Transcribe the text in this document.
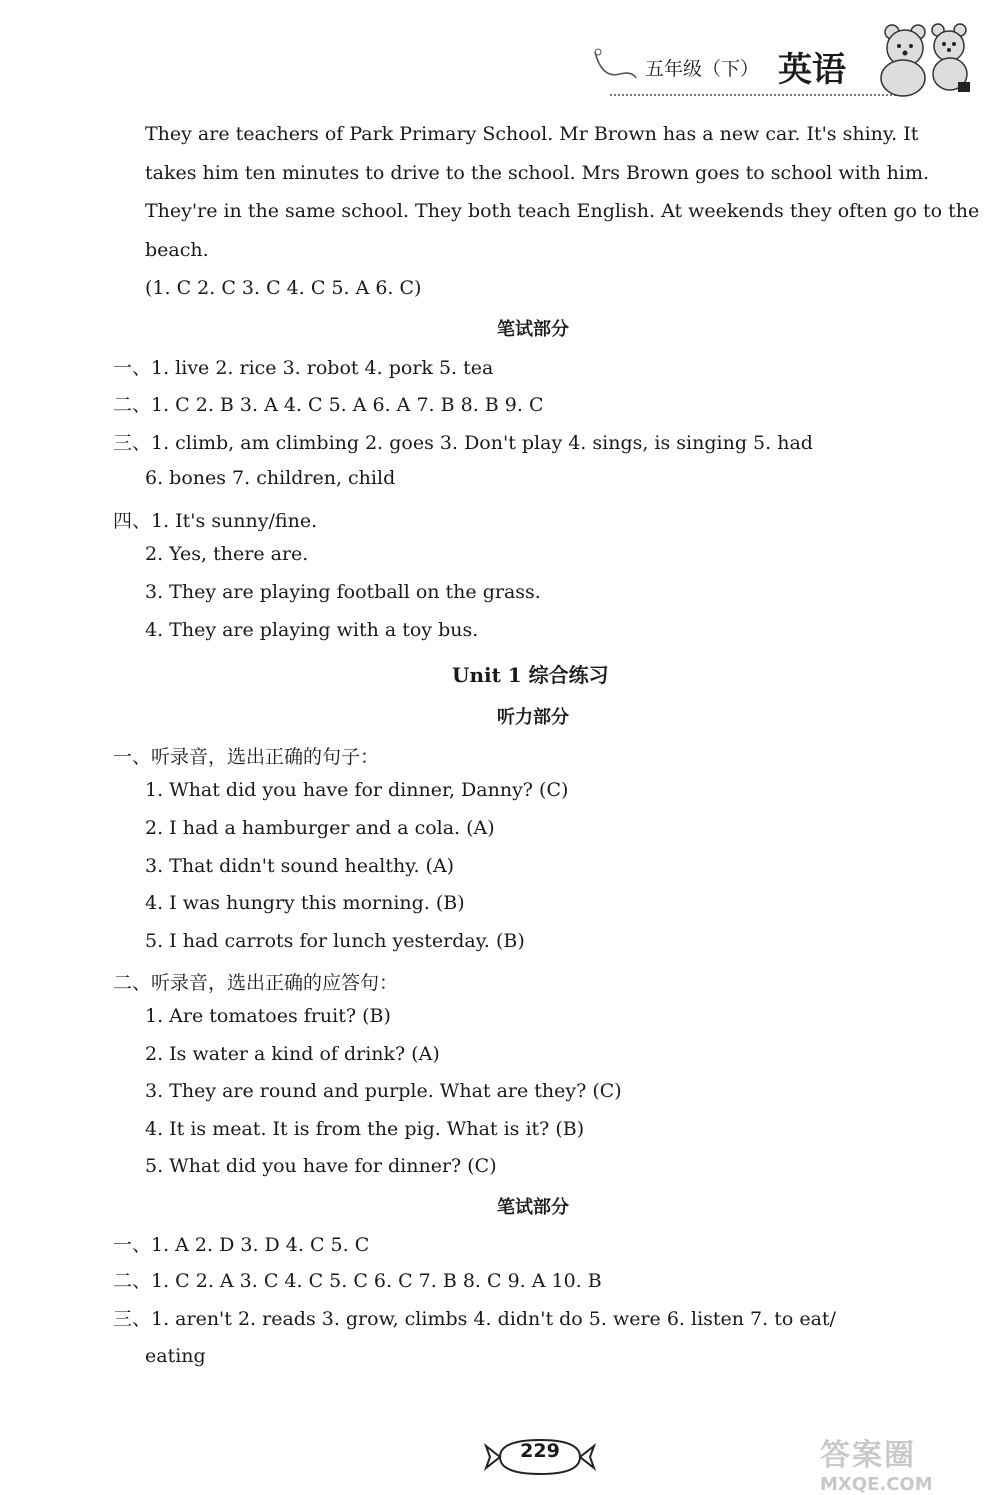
五年级（下） 英语
They are teachers of Park Primary School. Mr Brown has a new car. It's shiny. It
takes him ten minutes to drive to the school. Mrs Brown goes to school with him.
They're in the same school. They both teach English. At weekends they often go to the
beach.
(1. C 2. C 3. C 4. C 5. A 6. C)
笔试部分
一、1. live 2. rice 3. robot 4. pork 5. tea
二、1. C 2. B 3. A 4. C 5. A 6. A 7. B 8. B 9. C
三、1. climb, am climbing 2. goes 3. Don't play 4. sings, is singing 5. had
6. bones 7. children, child
四、1. It's sunny/fine.
2. Yes, there are.
3. They are playing football on the grass.
4. They are playing with a toy bus.
Unit 1 综合练习
听力部分
一、听录音，选出正确的句子：
1. What did you have for dinner, Danny? (C)
2. I had a hamburger and a cola. (A)
3. That didn't sound healthy. (A)
4. I was hungry this morning. (B)
5. I had carrots for lunch yesterday. (B)
二、听录音，选出正确的应答句：
1. Are tomatoes fruit? (B)
2. Is water a kind of drink? (A)
3. They are round and purple. What are they? (C)
4. It is meat. It is from the pig. What is it? (B)
5. What did you have for dinner? (C)
笔试部分
一、1. A 2. D 3. D 4. C 5. C
二、1. C 2. A 3. C 4. C 5. C 6. C 7. B 8. C 9. A 10. B
三、1. aren't 2. reads 3. grow, climbs 4. didn't do 5. were 6. listen 7. to eat/
eating
229	答案圈
MXQE.COM
